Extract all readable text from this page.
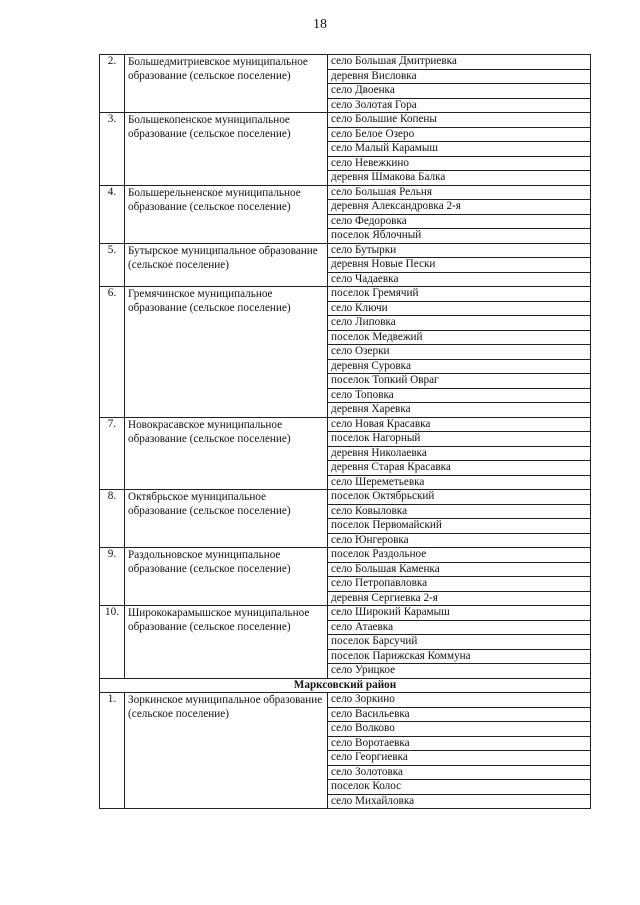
18
2.	Большедмитриевское муниципальное образование (сельское поселение)	село Большая Дмитриевка
		деревня Висловка
		село Двоенка
		село Золотая Гора
3.	Большекопенское муниципальное образование (сельское поселение)	село Большие Копены
		село Белое Озеро
		село Малый Карамыш
		село Невежкино
		деревня Шмакова Балка
4.	Большерельненское муниципальное образование (сельское поселение)	село Большая Рельня
		деревня Александровка 2-я
		село Федоровка
		поселок Яблочный
5.	Бутырское муниципальное образование (сельское поселение)	село Бутырки
		деревня Новые Пески
		село Чадаевка
6.	Гремячинское муниципальное образование (сельское поселение)	поселок Гремячий
		село Ключи
		село Липовка
		поселок Медвежий
		село Озерки
		деревня Суровка
		поселок Топкий Овраг
		село Топовка
		деревня Харевка
7.	Новокрасавское муниципальное образование (сельское поселение)	село Новая Красавка
		поселок Нагорный
		деревня Николаевка
		деревня Старая Красавка
		село Шереметьевка
8.	Октябрьское муниципальное образование (сельское поселение)	поселок Октябрьский
		село Ковыловка
		поселок Первомайский
		село Юнгеровка
9.	Раздольновское муниципальное образование (сельское поселение)	поселок Раздольное
		село Большая Каменка
		село Петропавловка
		деревня Сергиевка 2-я
10.	Ширококарамышское муниципальное образование (сельское поселение)	село Широкий Карамыш
		село Атаевка
		поселок Барсучий
		поселок Парижская Коммуна
		село Урицкое
Марксовский район		
1.	Зоркинское муниципальное образование (сельское поселение)	село Зоркино
		село Васильевка
		село Волково
		село Воротаевка
		село Георгиевка
		село Золотовка
		поселок Колос
		село Михайловка
